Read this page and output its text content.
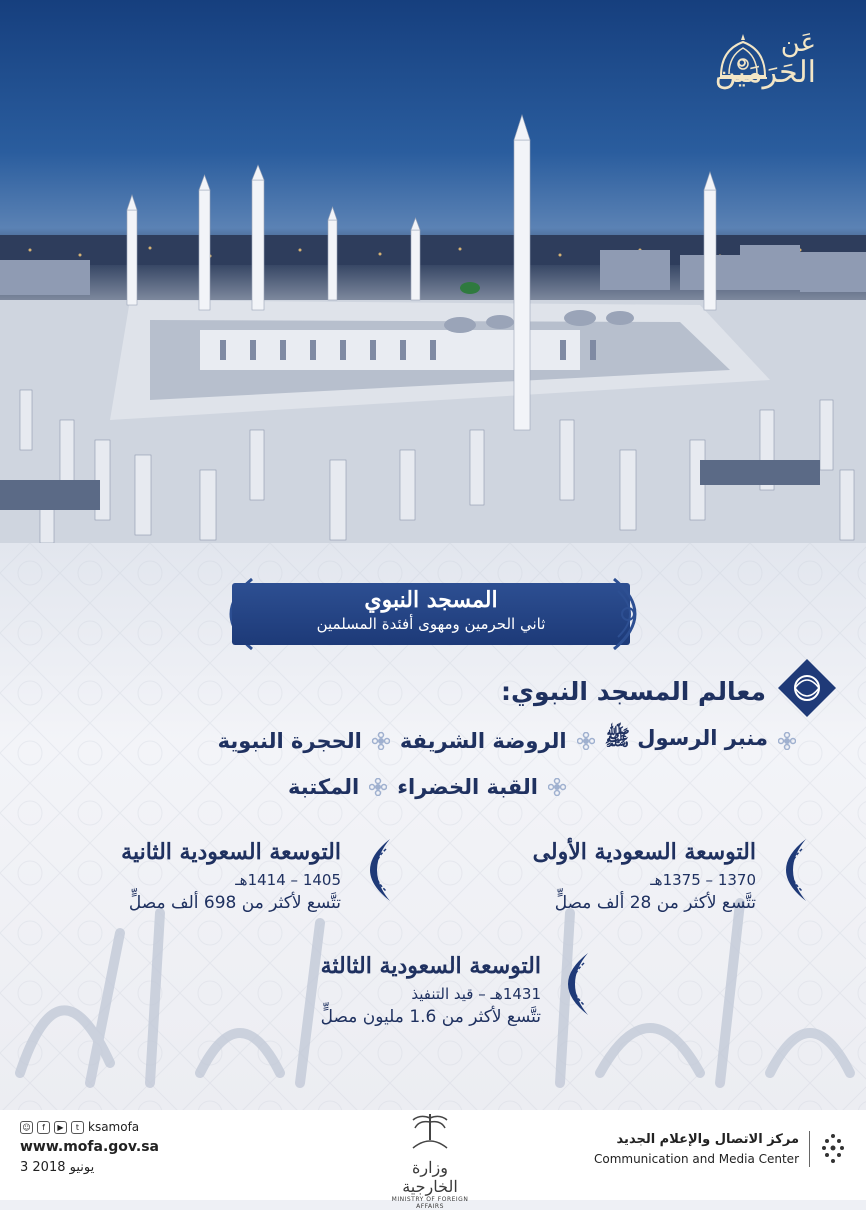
عَن
الحَرَمَيْن
المسجد النبوي
ثاني الحرمين ومهوى أفئدة المسلمين
معالم المسجد النبوي:
منبر الرسول ﷺ
الروضة الشريفة
الحجرة النبوية
القبة الخضراء
المكتبة
التوسعة السعودية الأولى
1370 – 1375هـ
تتَّسع لأكثر من 28 ألف مصلٍّ
التوسعة السعودية الثانية
1405 – 1414هـ
تتَّسع لأكثر من 698 ألف مصلٍّ
التوسعة السعودية الثالثة
1431هـ – قيد التنفيذ
تتَّسع لأكثر من 1.6 مليون مصلٍّ
☺	f	▶	t ksamofa
www.mofa.gov.sa
3 يونيو 2018	وزارة الخارجية
MINISTRY OF FOREIGN AFFAIRS
مركز الاتصال والإعلام الجديد
Communication and Media Center
